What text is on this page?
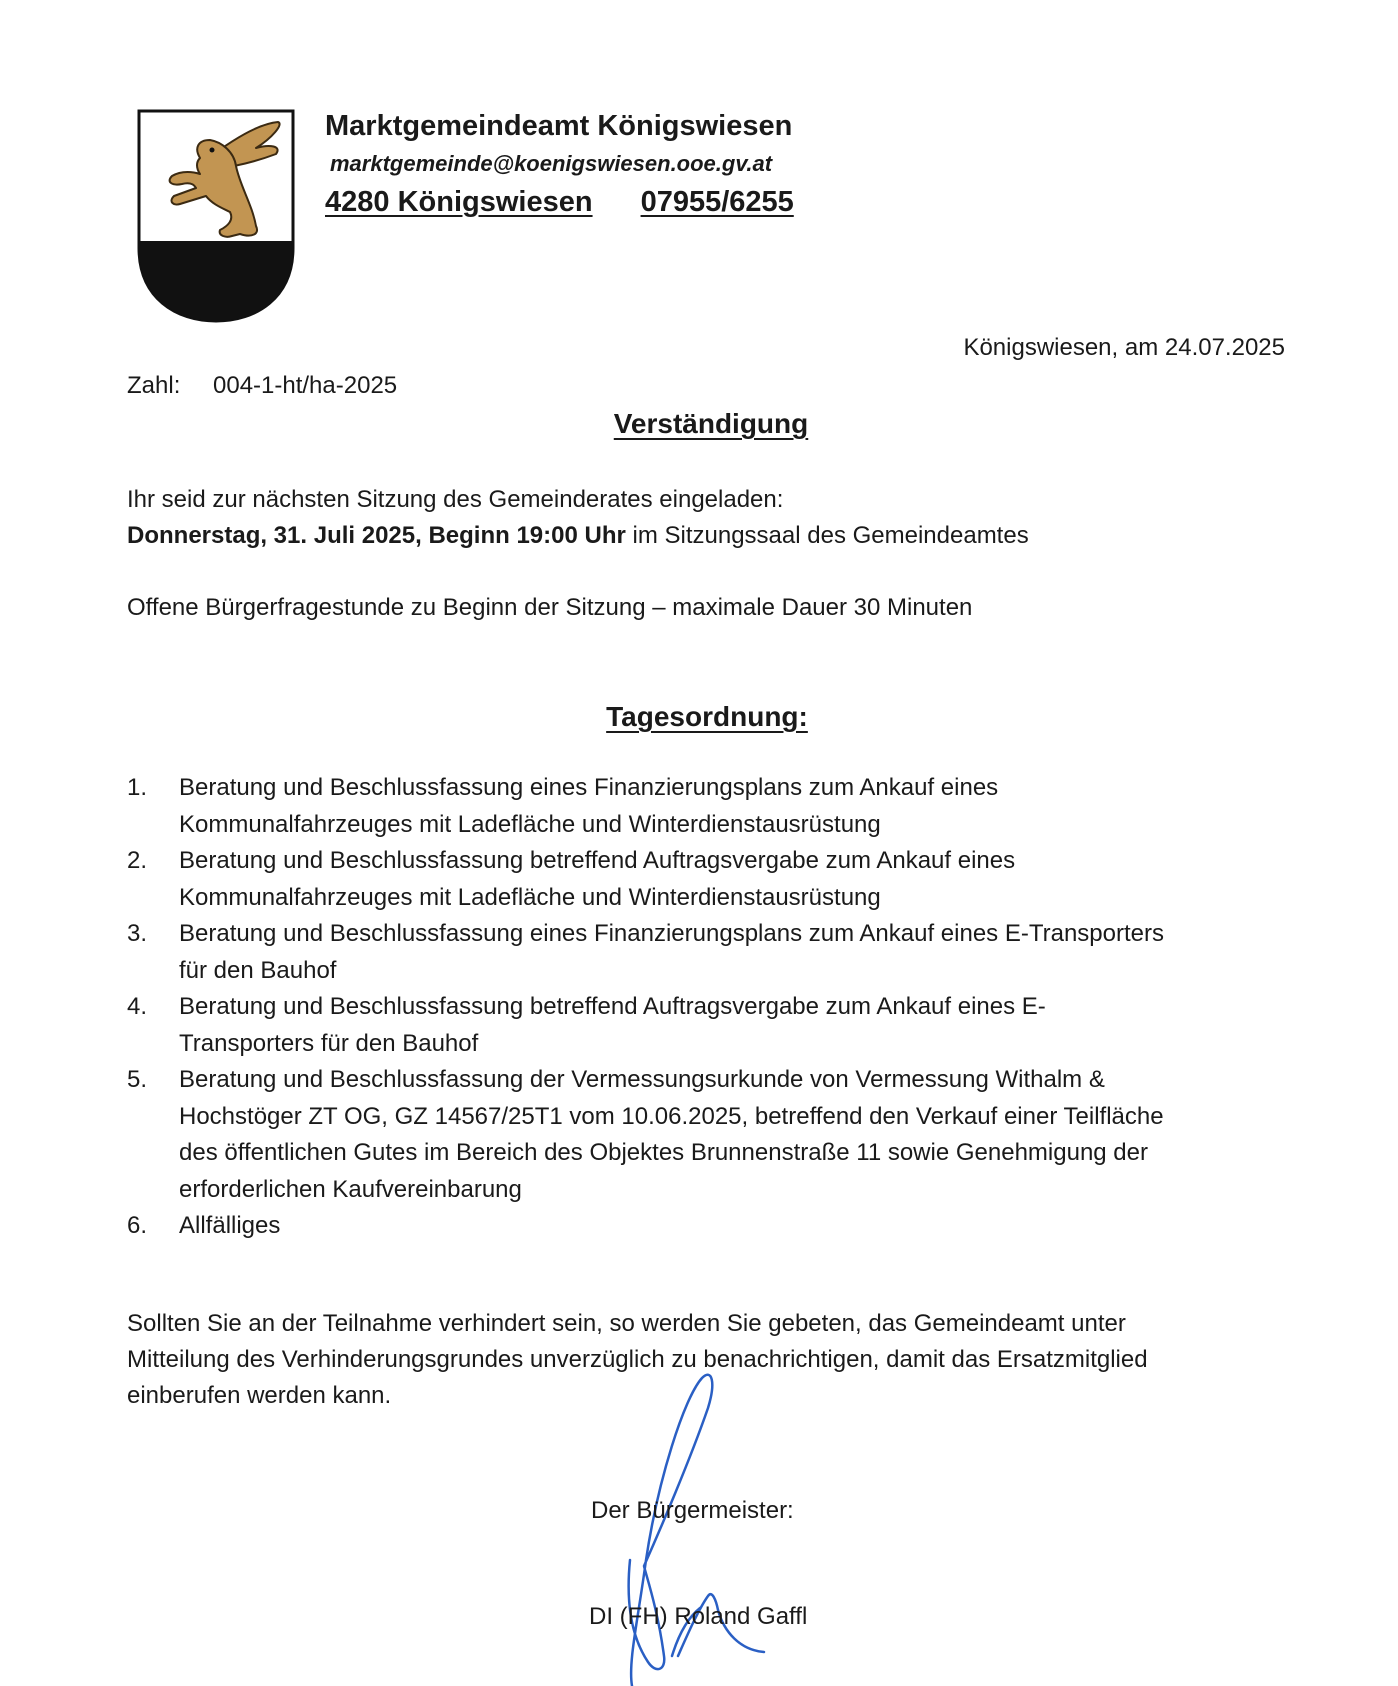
Marktgemeindeamt Königswiesen
marktgemeinde@koenigswiesen.ooe.gv.at
4280 Königswiesen 07955/6255
Königswiesen, am 24.07.2025
Zahl: 004-1-ht/ha-2025
Verständigung
Ihr seid zur nächsten Sitzung des Gemeinderates eingeladen:
Donnerstag, 31. Juli 2025, Beginn 19:00 Uhr im Sitzungssaal des Gemeindeamtes
Offene Bürgerfragestunde zu Beginn der Sitzung – maximale Dauer 30 Minuten
Tagesordnung:
1.	Beratung und Beschlussfassung eines Finanzierungsplans zum Ankauf eines
Kommunalfahrzeuges mit Ladefläche und Winterdienstausrüstung
2.	Beratung und Beschlussfassung betreffend Auftragsvergabe zum Ankauf eines
Kommunalfahrzeuges mit Ladefläche und Winterdienstausrüstung
3.	Beratung und Beschlussfassung eines Finanzierungsplans zum Ankauf eines E-Transporters
für den Bauhof
4.	Beratung und Beschlussfassung betreffend Auftragsvergabe zum Ankauf eines E-
Transporters für den Bauhof
5.	Beratung und Beschlussfassung der Vermessungsurkunde von Vermessung Withalm &
Hochstöger ZT OG, GZ 14567/25T1 vom 10.06.2025, betreffend den Verkauf einer Teilfläche
des öffentlichen Gutes im Bereich des Objektes Brunnenstraße 11 sowie Genehmigung der
erforderlichen Kaufvereinbarung
6.	Allfälliges
Sollten Sie an der Teilnahme verhindert sein, so werden Sie gebeten, das Gemeindeamt unter
Mitteilung des Verhinderungsgrundes unverzüglich zu benachrichtigen, damit das Ersatzmitglied
einberufen werden kann.
Der Bürgermeister:
DI (FH) Roland Gaffl
